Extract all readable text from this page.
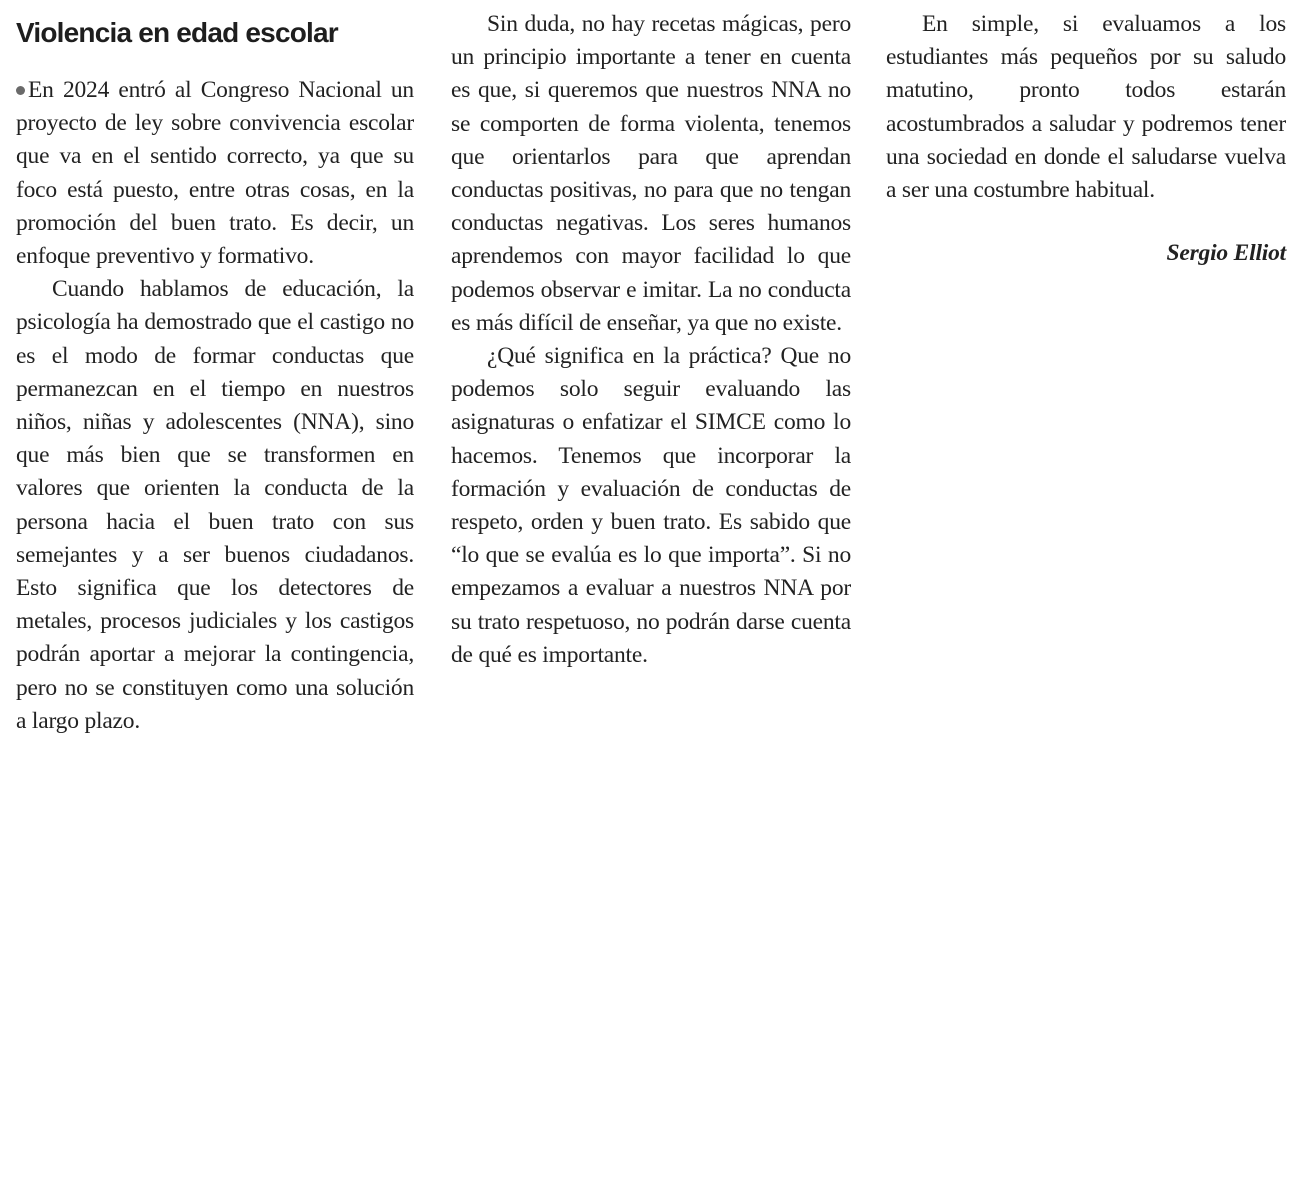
Violencia en edad escolar

En 2024 entró al Congreso Nacional un proyecto de ley sobre convivencia escolar que va en el sentido correcto, ya que su foco está puesto, entre otras cosas, en la promoción del buen trato. Es decir, un enfoque preventivo y formativo.

Cuando hablamos de educación, la psicología ha demostrado que el castigo no es el modo de formar conductas que permanezcan en el tiempo en nuestros niños, niñas y adolescentes (NNA), sino que más bien que se transformen en valores que orienten la conducta de la persona hacia el buen trato con sus semejantes y a ser buenos ciudadanos. Esto significa que los detectores de metales, procesos judiciales y los castigos podrán aportar a mejorar la contingencia, pero no se constituyen como una solución a largo plazo.

Sin duda, no hay recetas mágicas, pero un principio importante a tener en cuenta es que, si queremos que nuestros NNA no se comporten de forma violenta, tenemos que orientarlos para que aprendan conductas positivas, no para que no tengan conductas negativas. Los seres humanos aprendemos con mayor facilidad lo que podemos observar e imitar. La no conducta es más difícil de enseñar, ya que no existe.

¿Qué significa en la práctica? Que no podemos solo seguir evaluando las asignaturas o enfatizar el SIMCE como lo hacemos. Tenemos que incorporar la formación y evaluación de conductas de respeto, orden y buen trato. Es sabido que “lo que se evalúa es lo que importa”. Si no empezamos a evaluar a nuestros NNA por su trato respetuoso, no podrán darse cuenta de qué es importante.

En simple, si evaluamos a los estudiantes más pequeños por su saludo matutino, pronto todos estarán acostumbrados a saludar y podremos tener una sociedad en donde el saludarse vuelva a ser una costumbre habitual.

Sergio Elliot
